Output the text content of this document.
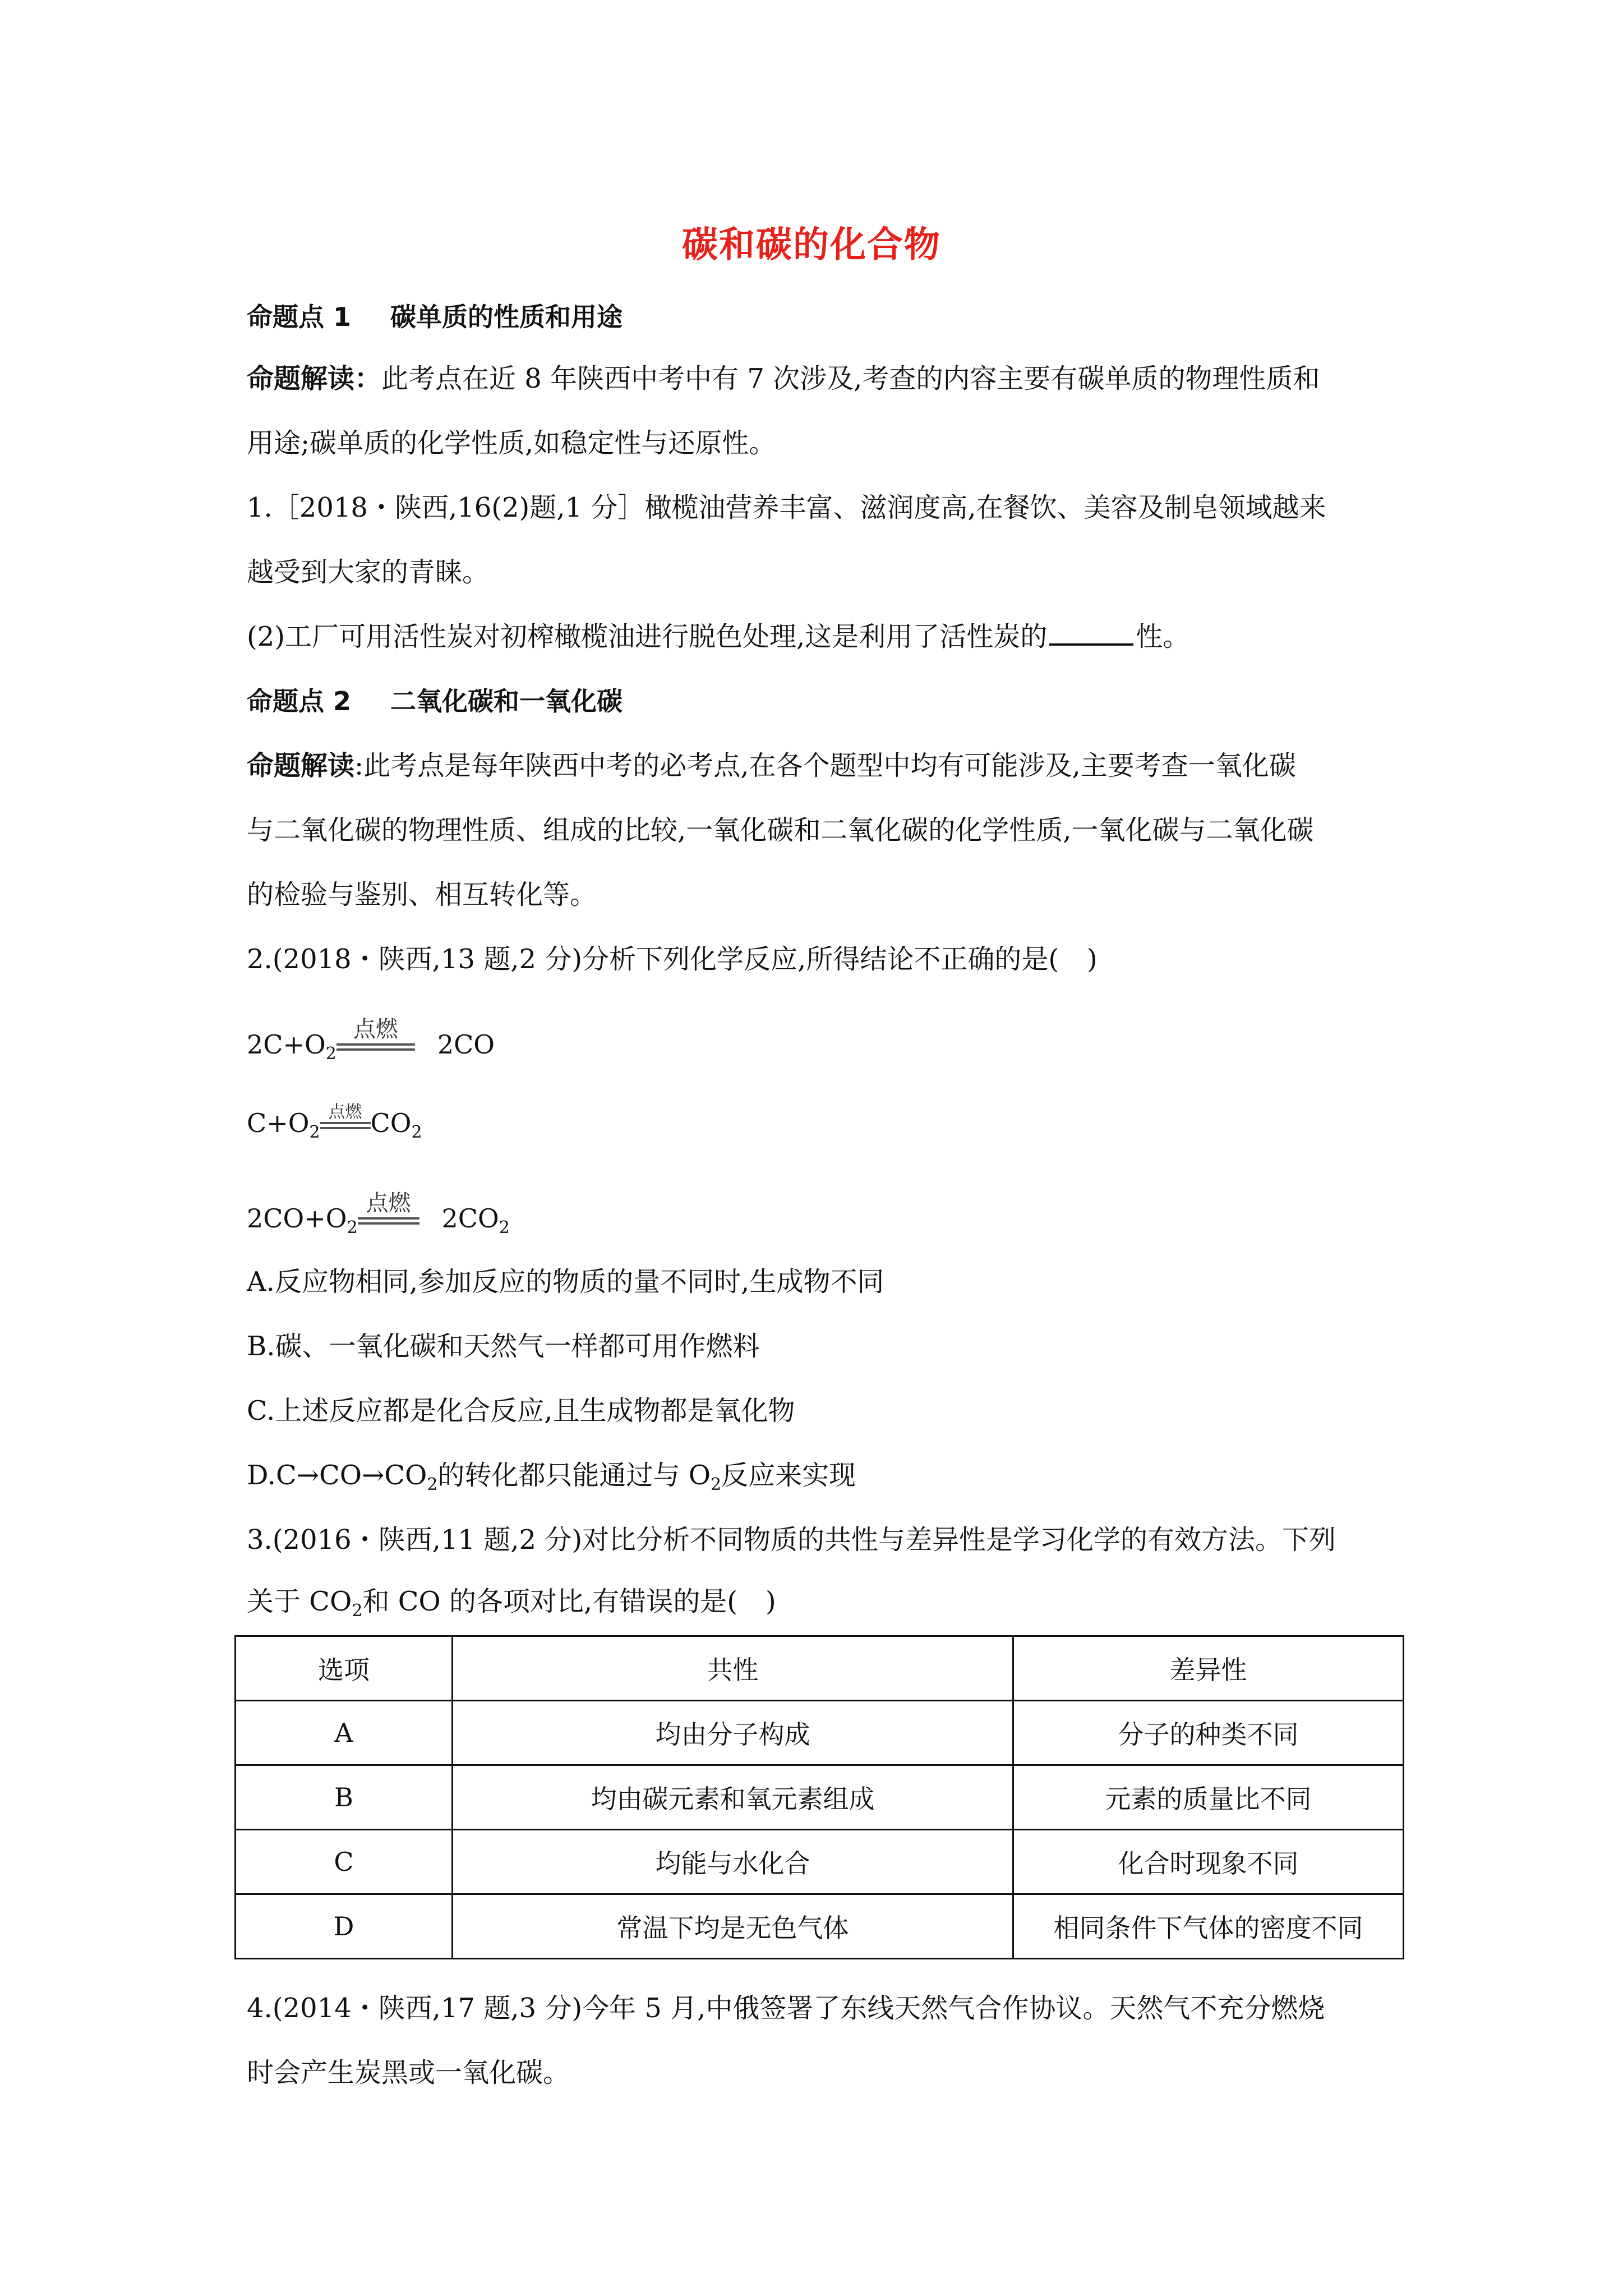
碳和碳的化合物
命题点 1 碳单质的性质和用途
命题解读：此考点在近 8 年陕西中考中有 7 次涉及,考查的内容主要有碳单质的物理性质和
用途;碳单质的化学性质,如稳定性与还原性。
1.［2018・陕西,16(2)题,1 分］橄榄油营养丰富、滋润度高,在餐饮、美容及制皂领域越来
越受到大家的青睐。
(2)工厂可用活性炭对初榨橄榄油进行脱色处理,这是利用了活性炭的	性。
命题点 2 二氧化碳和一氧化碳
命题解读:此考点是每年陕西中考的必考点,在各个题型中均有可能涉及,主要考查一氧化碳
与二氧化碳的物理性质、组成的比较,一氧化碳和二氧化碳的化学性质,一氧化碳与二氧化碳
的检验与鉴别、相互转化等。
2.(2018・陕西,13 题,2 分)分析下列化学反应,所得结论不正确的是( )
$2C+O_2$
点燃	2CO
$C+O_2$
点燃 $CO_2$
$2CO+O_2$
点燃	$2CO_2$
A.反应物相同,参加反应的物质的量不同时,生成物不同
B.碳、一氧化碳和天然气一样都可用作燃料
C.上述反应都是化合反应,且生成物都是氧化物
$D.C\to CO\to CO_2$的转化都只能通过与 $O_2$反应来实现
3.(2016・陕西,11 题,2 分)对比分析不同物质的共性与差异性是学习化学的有效方法。下列
关于 $CO_2$和 CO 的各项对比,有错误的是( )
选项	共性	差异性
A	均由分子构成	分子的种类不同
B	均由碳元素和氧元素组成	元素的质量比不同
C	均能与水化合	化合时现象不同
D	常温下均是无色气体	相同条件下气体的密度不同
4.(2014・陕西,17 题,3 分)今年 5 月,中俄签署了东线天然气合作协议。天然气不充分燃烧
时会产生炭黑或一氧化碳。
